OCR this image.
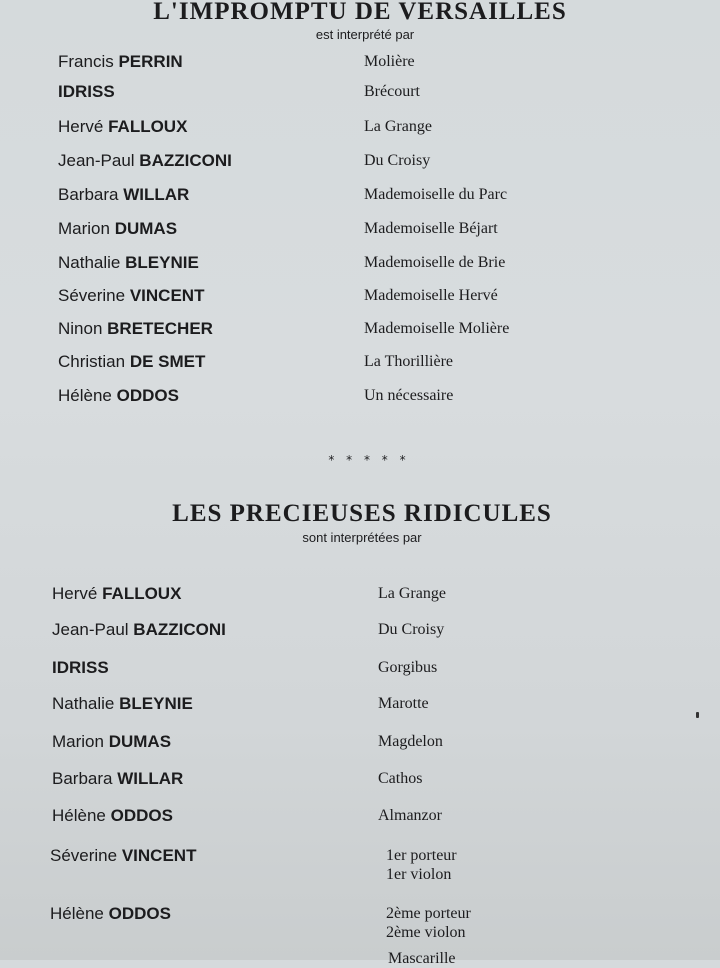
L'IMPROMPTU DE VERSAILLES

est interprété par

Francis PERRIN	Molière
IDRISS	Brécourt
Hervé FALLOUX	La Grange
Jean-Paul BAZZICONI	Du Croisy
Barbara WILLAR	Mademoiselle du Parc
Marion DUMAS	Mademoiselle Béjart
Nathalie BLEYNIE	Mademoiselle de Brie
Séverine VINCENT	Mademoiselle Hervé
Ninon BRETECHER	Mademoiselle Molière
Christian DE SMET	La Thorillière
Hélène ODDOS	Un nécessaire
* * * * *
LES PRECIEUSES RIDICULES

sont interprétées par

Hervé FALLOUX	La Grange
Jean-Paul BAZZICONI	Du Croisy
IDRISS	Gorgibus
Nathalie BLEYNIE	Marotte
Marion DUMAS	Magdelon
Barbara WILLAR	Cathos
Hélène ODDOS	Almanzor
Séverine VINCENT	1er porteur
1er violon
Hélène ODDOS	2ème porteur
2ème violon
Mascarille
